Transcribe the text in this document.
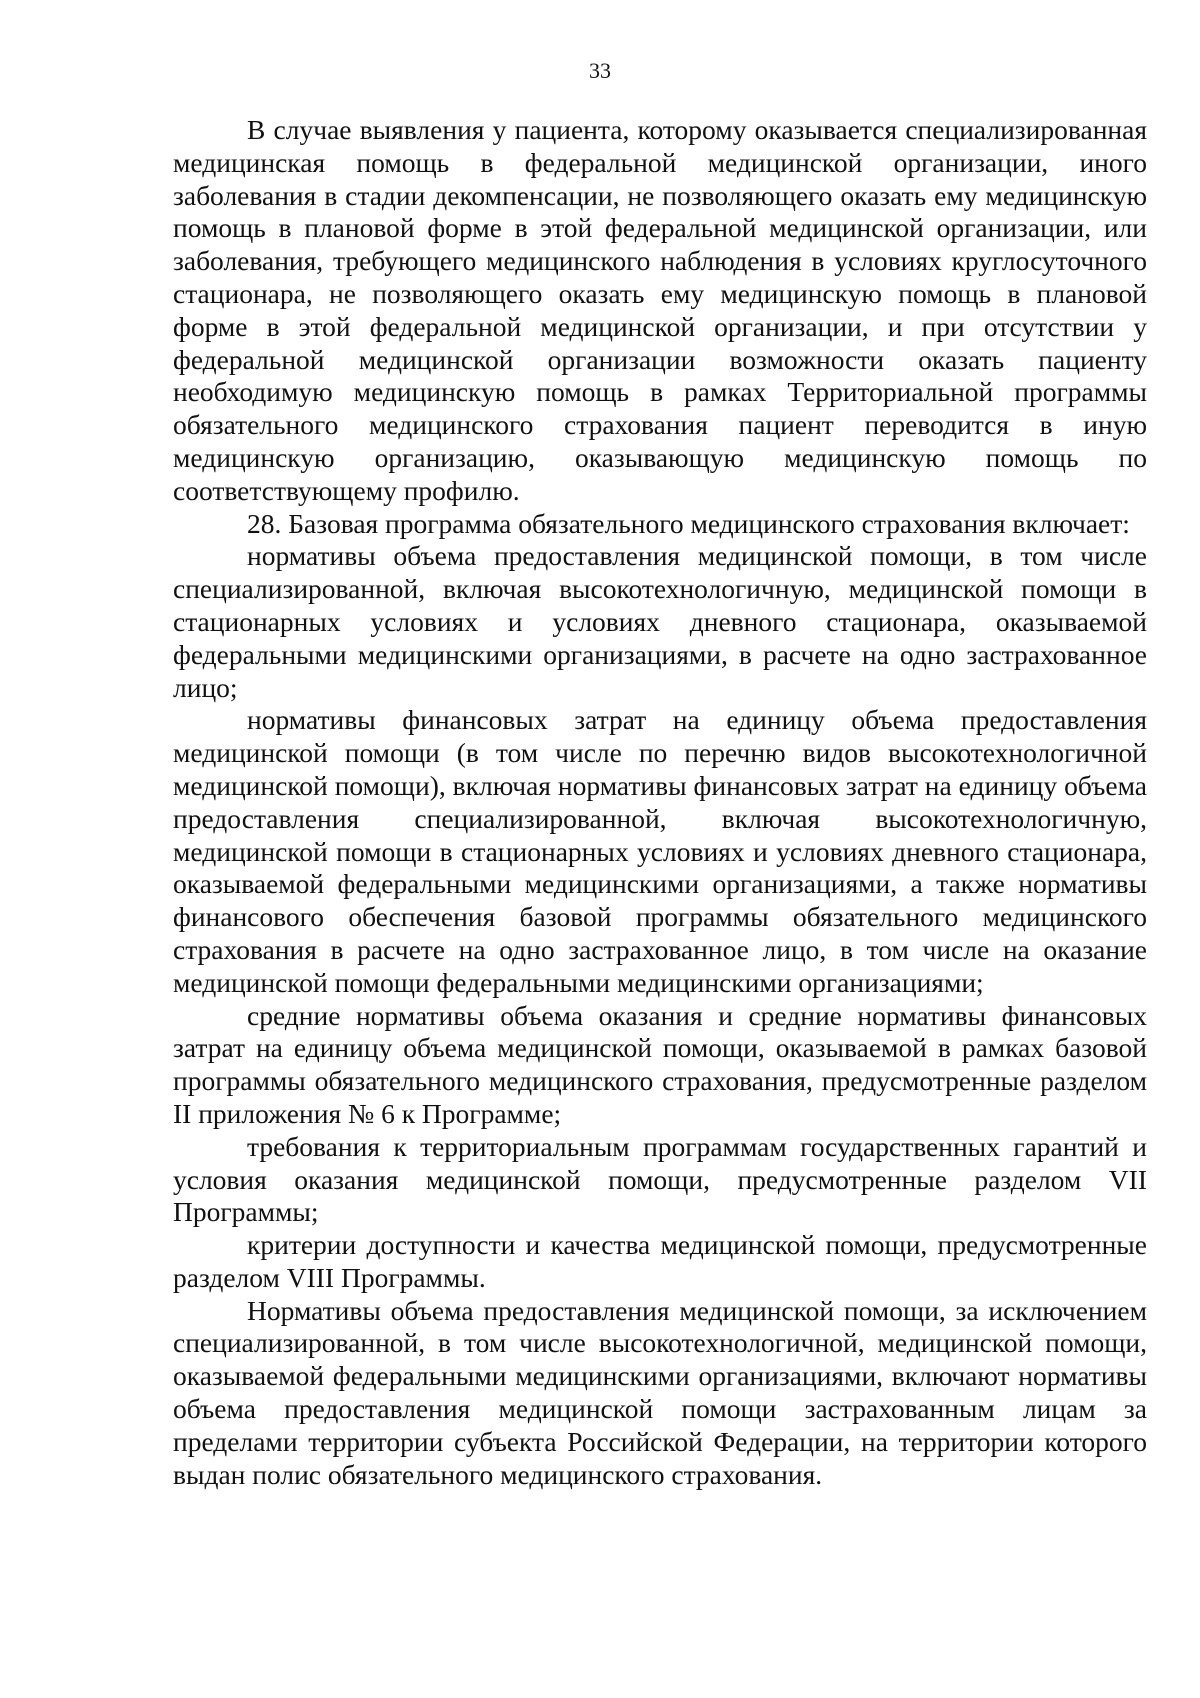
33

В случае выявления у пациента, которому оказывается специализированная медицинская помощь в федеральной медицинской организации, иного заболевания в стадии декомпенсации, не позволяющего оказать ему медицинскую помощь в плановой форме в этой федеральной медицинской организации, или заболевания, требующего медицинского наблюдения в условиях круглосуточного стационара, не позволяющего оказать ему медицинскую помощь в плановой форме в этой федеральной медицинской организации, и при отсутствии у федеральной медицинской организации возможности оказать пациенту необходимую медицинскую помощь в рамках Территориальной программы обязательного медицинского страхования пациент переводится в иную медицинскую организацию, оказывающую медицинскую помощь по соответствующему профилю.

28. Базовая программа обязательного медицинского страхования включает:

нормативы объема предоставления медицинской помощи, в том числе специализированной, включая высокотехнологичную, медицинской помощи в стационарных условиях и условиях дневного стационара, оказываемой федеральными медицинскими организациями, в расчете на одно застрахованное лицо;

нормативы финансовых затрат на единицу объема предоставления медицинской помощи (в том числе по перечню видов высокотехнологичной медицинской помощи), включая нормативы финансовых затрат на единицу объема предоставления специализированной, включая высокотехнологичную, медицинской помощи в стационарных условиях и условиях дневного стационара, оказываемой федеральными медицинскими организациями, а также нормативы финансового обеспечения базовой программы обязательного медицинского страхования в расчете на одно застрахованное лицо, в том числе на оказание медицинской помощи федеральными медицинскими организациями;

средние нормативы объема оказания и средние нормативы финансовых затрат на единицу объема медицинской помощи, оказываемой в рамках базовой программы обязательного медицинского страхования, предусмотренные разделом II приложения № 6 к Программе;

требования к территориальным программам государственных гарантий и условия оказания медицинской помощи, предусмотренные разделом VII Программы;

критерии доступности и качества медицинской помощи, предусмотренные разделом VIII Программы.

Нормативы объема предоставления медицинской помощи, за исключением специализированной, в том числе высокотехнологичной, медицинской помощи, оказываемой федеральными медицинскими организациями, включают нормативы объема предоставления медицинской помощи застрахованным лицам за пределами территории субъекта Российской Федерации, на территории которого выдан полис обязательного медицинского страхования.
